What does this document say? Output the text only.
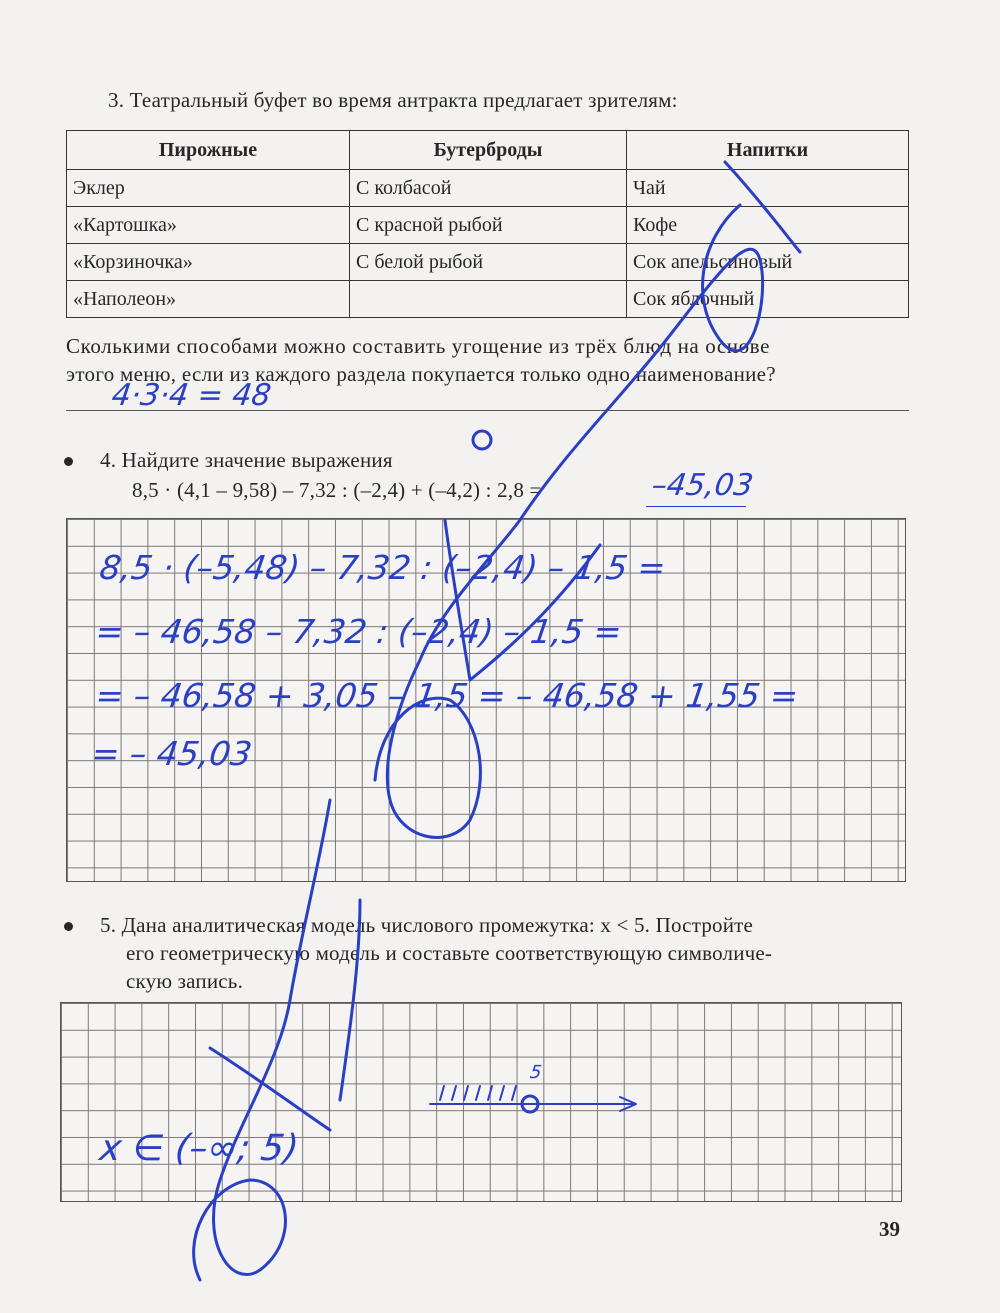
3. Театральный буфет во время антракта предлагает зрителям:
Пирожные	Бутерброды	Напитки
Эклер	С колбасой	Чай
«Картошка»	С красной рыбой	Кофе
«Корзиночка»	С белой рыбой	Сок апельсиновый
«Наполеон»		Сок яблочный
Сколькими способами можно составить угощение из трёх блюд на основе
этого меню, если из каждого раздела покупается только одно наименование?
4·3·4 = 48
4. Найдите значение выражения
8,5 · (4,1 – 9,58) – 7,32 : (–2,4) + (–4,2) : 2,8 =	–45,03
8,5 · (–5,48) – 7,32 : (–2,4) – 1,5 =
= – 46,58 – 7,32 : (–2,4) – 1,5 =
= – 46,58 + 3,05 – 1,5 = – 46,58 + 1,55 =
= – 45,03
5. Дана аналитическая модель числового промежутка: x < 5. Постройте
его геометрическую модель и составьте соответствующую символиче-
скую запись.
x ∈ (–∞; 5)
5
39
